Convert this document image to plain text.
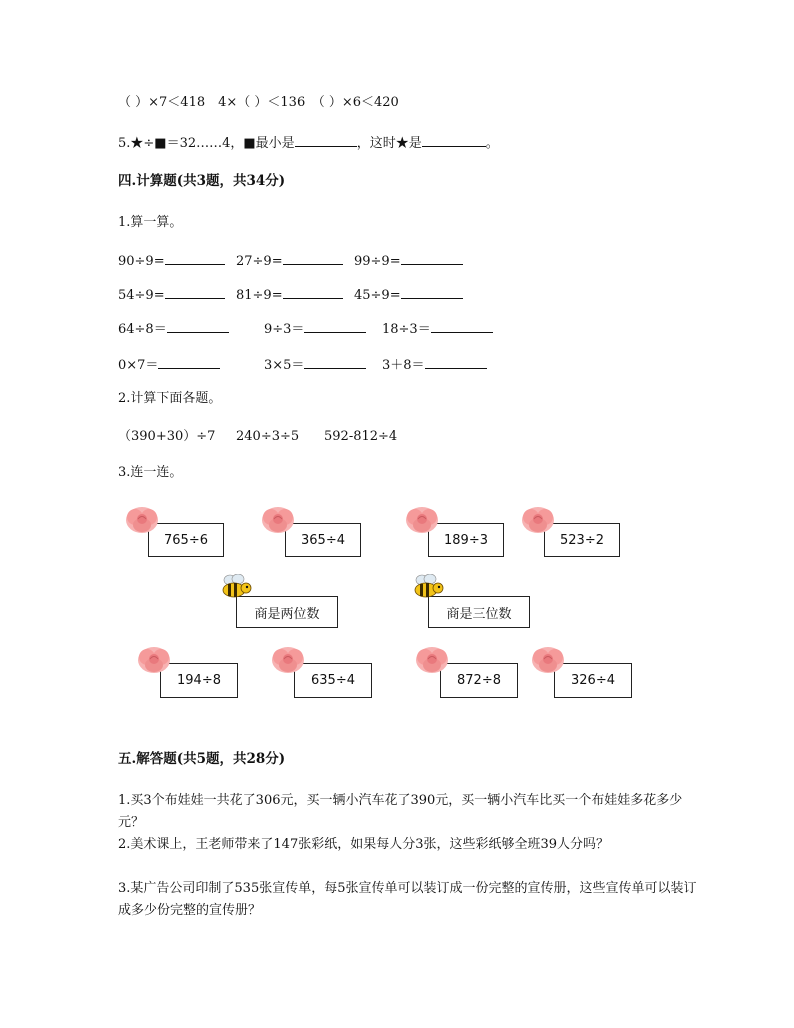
（ ）×7＜418　4×（ ）＜136　（ ）×6＜420
5.★÷■＝32……4，■最小是	，这时★是	。
四.计算题(共3题，共34分)
1.算一算。
90÷9=	27÷9=	99÷9=
54÷9=	81÷9=	45÷9=
64÷8＝	9÷3＝	18÷3＝
0×7＝	3×5＝	3＋8＝
2.计算下面各题。
（390+30）÷7 240÷3÷5 592-812÷4
3.连一连。
765÷6	365÷4	189÷3	523÷2
商是两位数	商是三位数
194÷8	635÷4	872÷8	326÷4
五.解答题(共5题，共28分)
1.买3个布娃娃一共花了306元，买一辆小汽车花了390元，买一辆小汽车比买一个布娃娃多花多少元？
2.美术课上，王老师带来了147张彩纸，如果每人分3张，这些彩纸够全班39人分吗？
3.某广告公司印制了535张宣传单，每5张宣传单可以装订成一份完整的宣传册，这些宣传单可以装订成多少份完整的宣传册？
